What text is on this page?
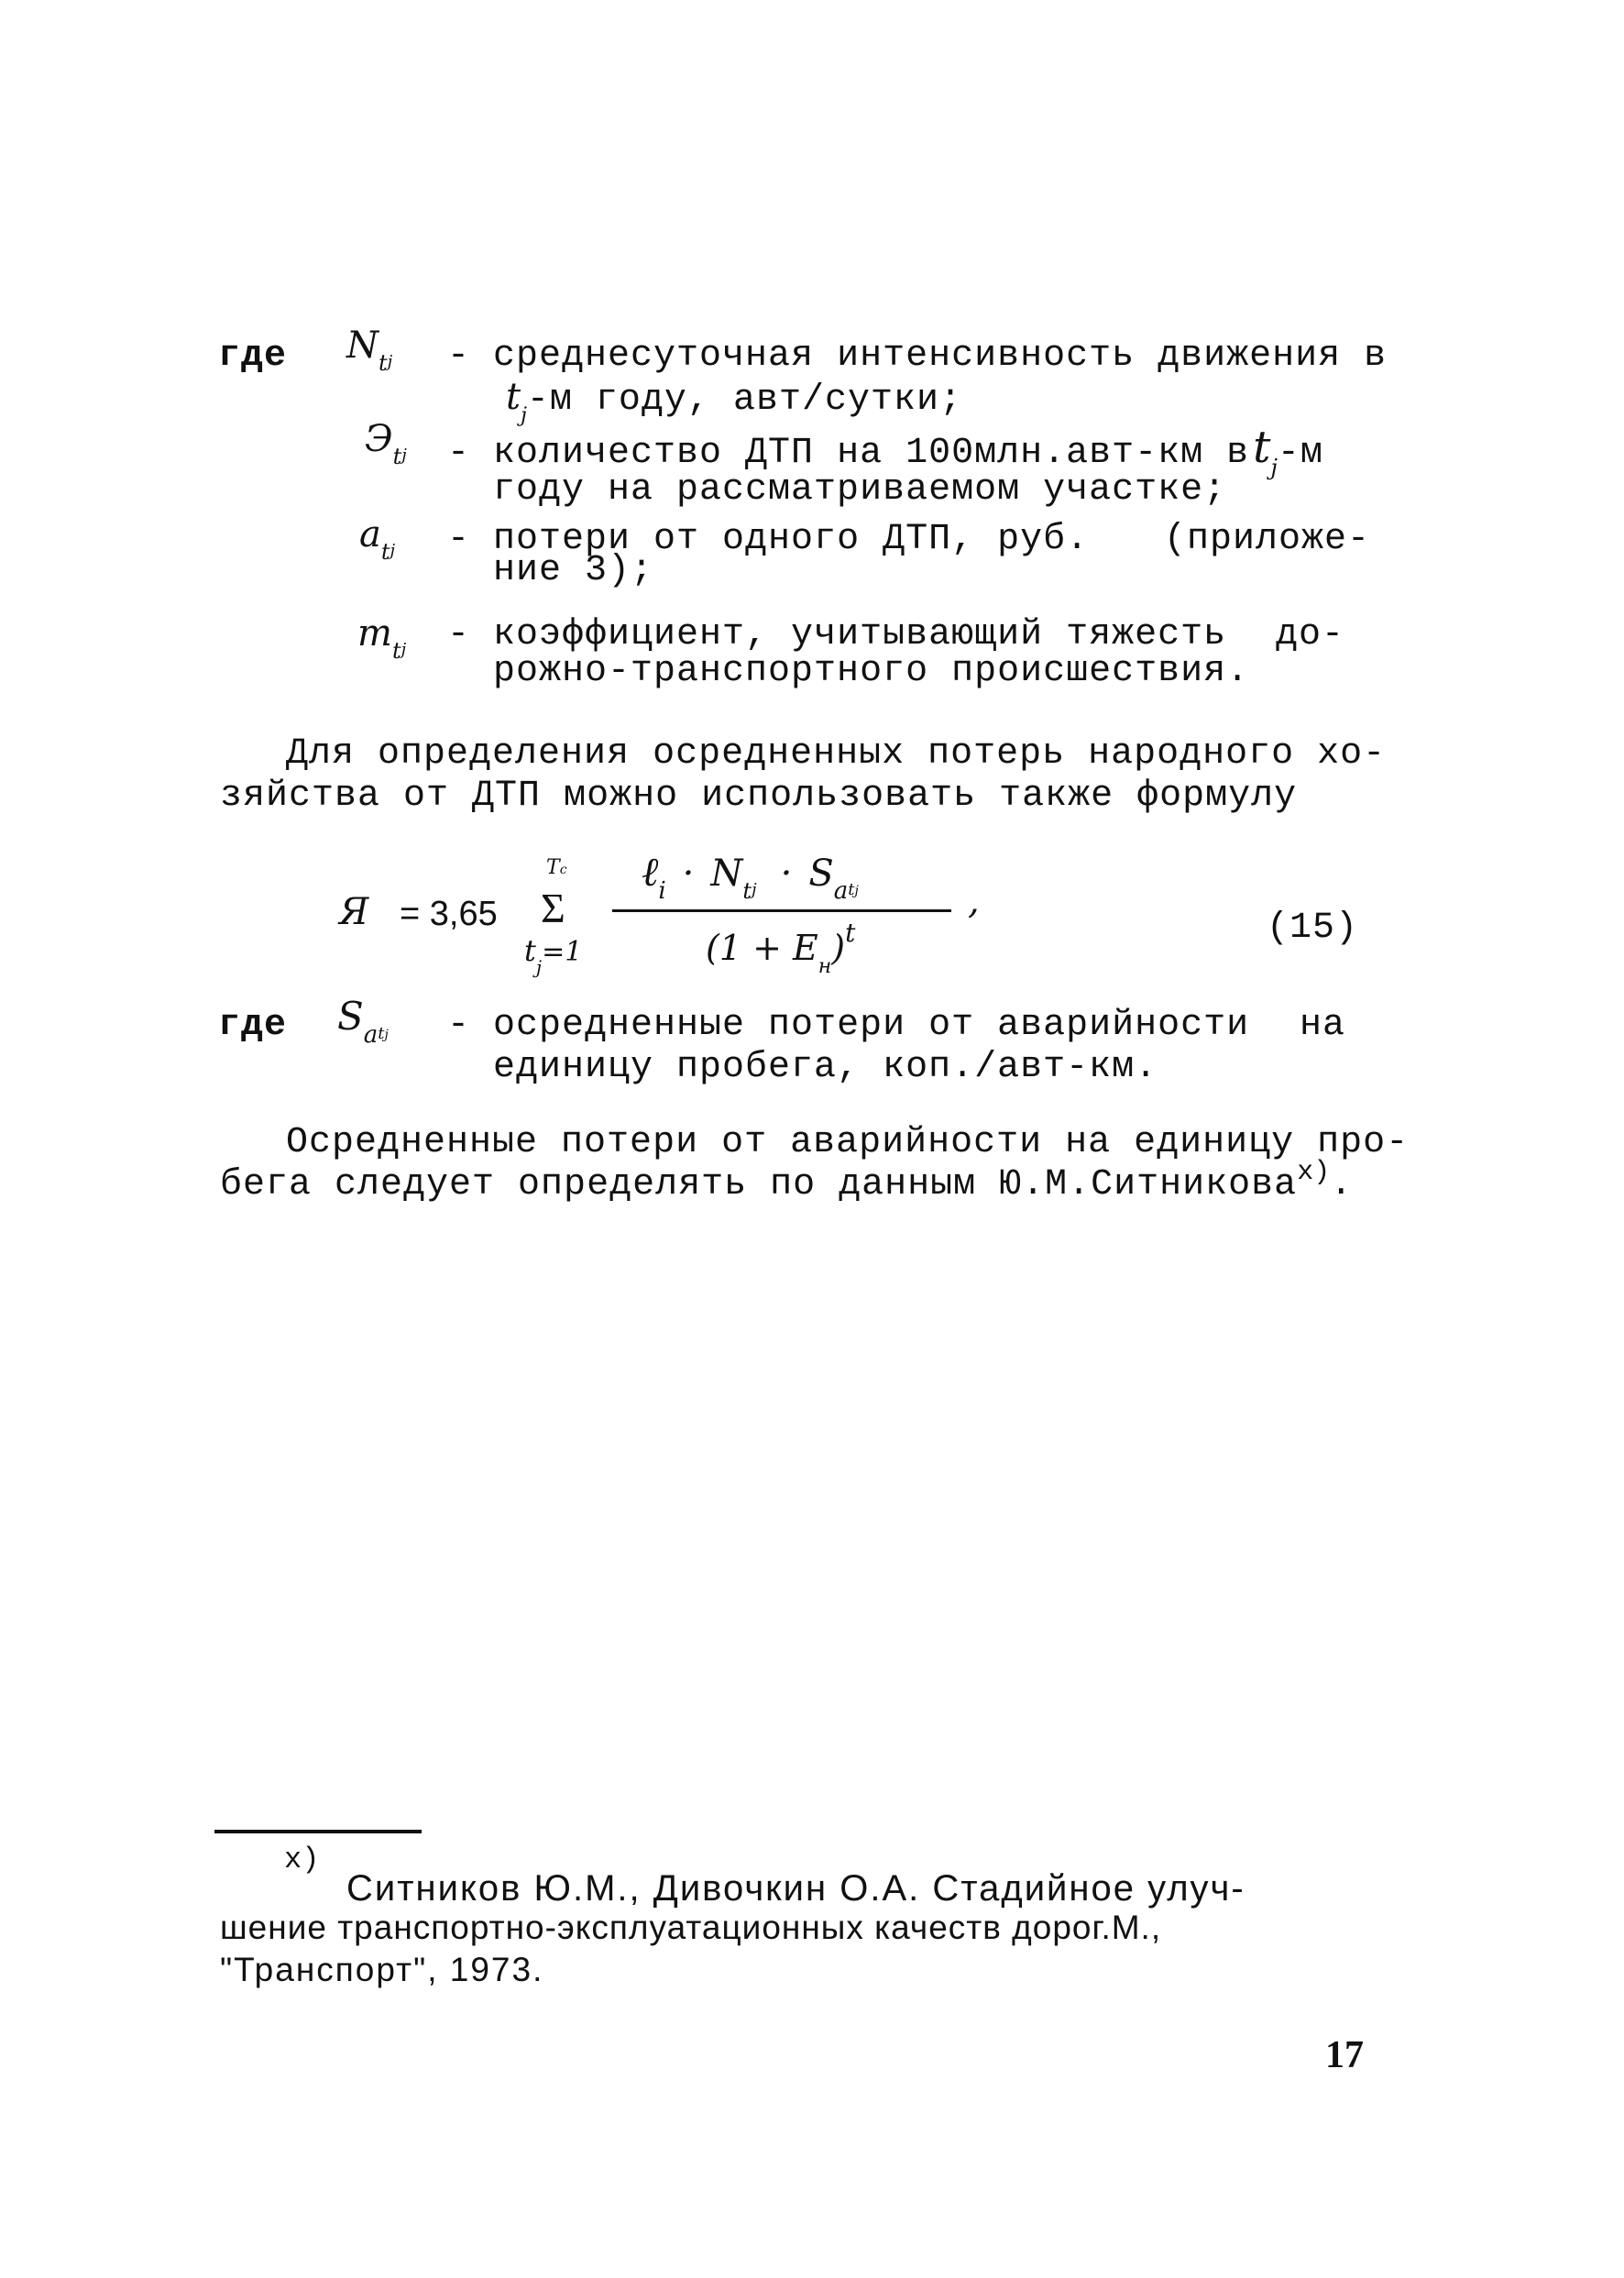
где Ntj - среднесуточная интенсивность движения в
tj-м году, авт/сутки;
Эtj - количество ДТП на 100млн.авт-км в tj-м
году на рассматриваемом участке;
atj - потери от одного ДТП, руб. (приложе-
ние 3);
mtj - коэффициент, учитывающий тяжесть до-
рожно-транспортного происшествия.
Для определения осредненных потерь народного хо-
зяйства от ДТП можно использовать также формулу
Я = 3,65
Tc
Σ
tj=1
ℓi · Ntj · Satj
(1 + Eн)t
,
(15)
где Satj - осредненные потери от аварийности на
единицу пробега, коп./авт-км.
Осредненные потери от аварийности на единицу про-
бега следует определять по данным Ю.М.Ситниковах).
х)
Ситников Ю.М., Дивочкин О.А. Стадийное улуч-
шение транспортно-эксплуатационных качеств дорог.М.,
"Транспорт", 1973.
17
